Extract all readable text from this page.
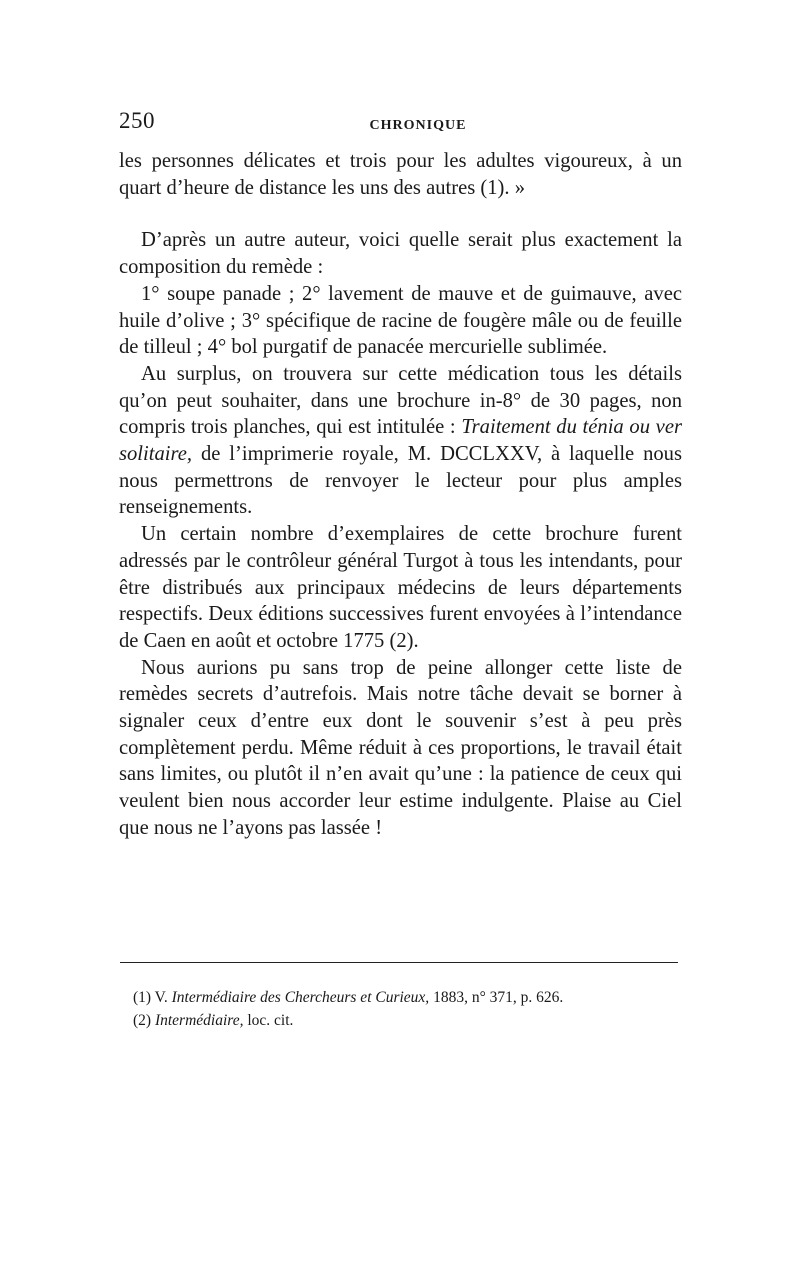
250	CHRONIQUE

les personnes délicates et trois pour les adultes vigoureux, à un quart d’heure de distance les uns des autres (1). »

D’après un autre auteur, voici quelle serait plus exactement la composition du remède :

1° soupe panade ; 2° lavement de mauve et de guimauve, avec huile d’olive ; 3° spécifique de racine de fougère mâle ou de feuille de tilleul ; 4° bol purgatif de panacée mercurielle sublimée.

Au surplus, on trouvera sur cette médication tous les détails qu’on peut souhaiter, dans une brochure in-8° de 30 pages, non compris trois planches, qui est intitulée : Traitement du ténia ou ver solitaire, de l’imprimerie royale, M. DCCLXXV, à laquelle nous nous permettrons de renvoyer le lecteur pour plus amples renseignements.

Un certain nombre d’exemplaires de cette brochure furent adressés par le contrôleur général Turgot à tous les intendants, pour être distribués aux principaux médecins de leurs départements respectifs. Deux éditions successives furent envoyées à l’intendance de Caen en août et octobre 1775 (2).

Nous aurions pu sans trop de peine allonger cette liste de remèdes secrets d’autrefois. Mais notre tâche devait se borner à signaler ceux d’entre eux dont le souvenir s’est à peu près complètement perdu. Même réduit à ces proportions, le travail était sans limites, ou plutôt il n’en avait qu’une : la patience de ceux qui veulent bien nous accorder leur estime indulgente. Plaise au Ciel que nous ne l’ayons pas lassée !

(1) V. Intermédiaire des Chercheurs et Curieux, 1883, n° 371, p. 626.

(2) Intermédiaire, loc. cit.
